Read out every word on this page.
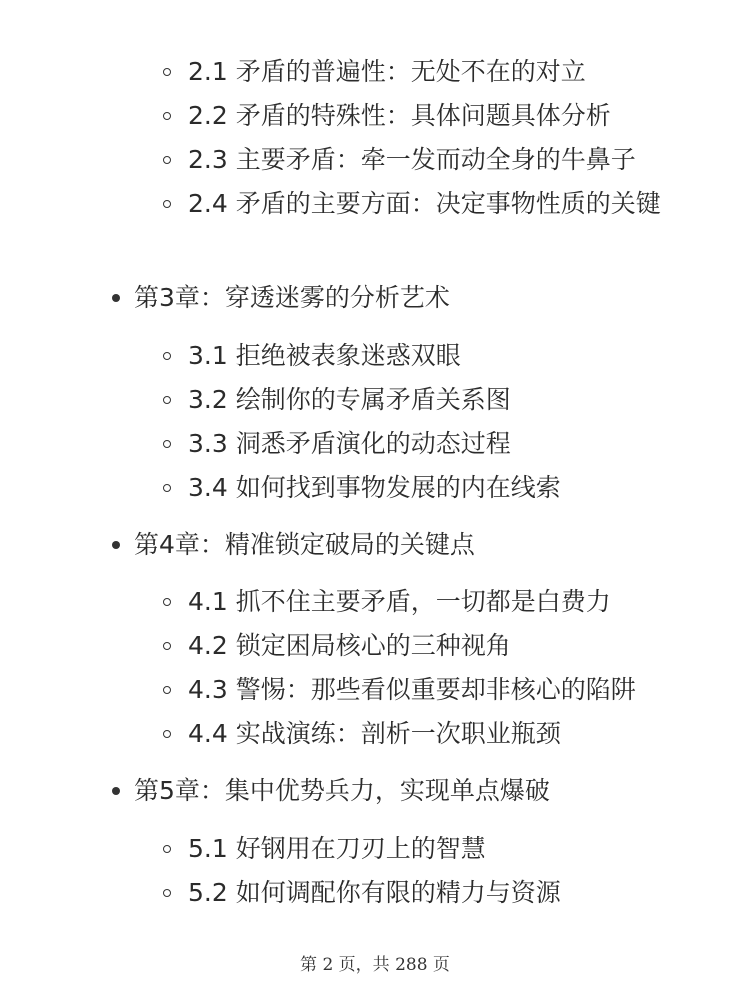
2.1 矛盾的普遍性：无处不在的对立
2.2 矛盾的特殊性：具体问题具体分析
2.3 主要矛盾：牵一发而动全身的牛鼻子
2.4 矛盾的主要方面：决定事物性质的关键
第3章：穿透迷雾的分析艺术
3.1 拒绝被表象迷惑双眼
3.2 绘制你的专属矛盾关系图
3.3 洞悉矛盾演化的动态过程
3.4 如何找到事物发展的内在线索
第4章：精准锁定破局的关键点
4.1 抓不住主要矛盾，一切都是白费力
4.2 锁定困局核心的三种视角
4.3 警惕：那些看似重要却非核心的陷阱
4.4 实战演练：剖析一次职业瓶颈
第5章：集中优势兵力，实现单点爆破
5.1 好钢用在刀刃上的智慧
5.2 如何调配你有限的精力与资源
第 2 页，共 288 页
